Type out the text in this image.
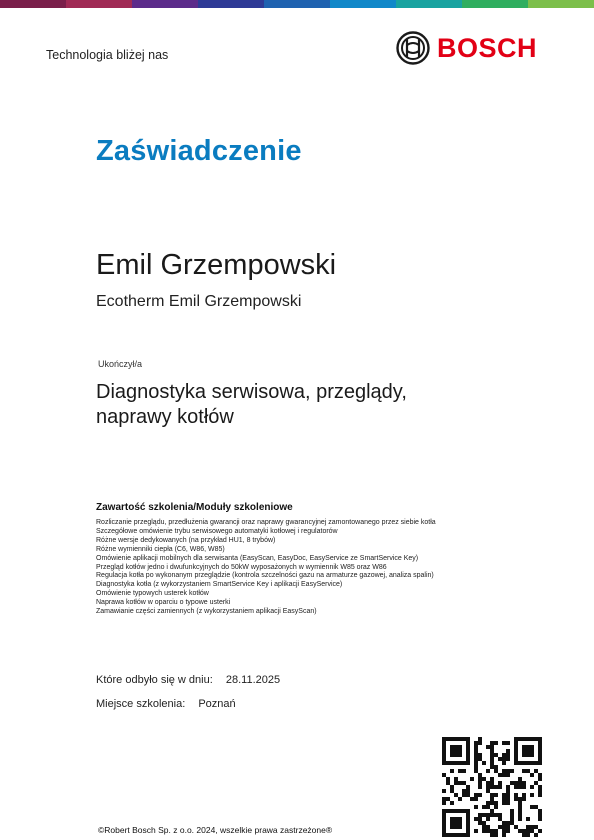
Technologia bliżej nas	BOSCH
Zaświadczenie
Emil Grzempowski
Ecotherm Emil Grzempowski
Ukończył/a
Diagnostyka serwisowa, przeglądy,
naprawy kotłów
Zawartość szkolenia/Moduły szkoleniowe
Rozliczanie przeglądu, przedłużenia gwarancji oraz naprawy gwarancyjnej zamontowanego przez siebie kotła
Szczegółowe omówienie trybu serwisowego automatyki kotłowej i regulatorów
Różne wersje dedykowanych (na przykład HU1, 8 trybów)
Różne wymienniki ciepła (C6, W86, W85)
Omówienie aplikacji mobilnych dla serwisanta (EasyScan, EasyDoc, EasyService ze SmartService Key)
Przegląd kotłów jedno i dwufunkcyjnych do 50kW wyposażonych w wymiennik W85 oraz W86
Regulacja kotła po wykonanym przeglądzie (kontrola szczelności gazu na armaturze gazowej, analiza spalin)
Diagnostyka kotła (z wykorzystaniem SmartService Key i aplikacji EasyService)
Omówienie typowych usterek kotłów
Naprawa kotłów w oparciu o typowe usterki
Zamawianie części zamiennych (z wykorzystaniem aplikacji EasyScan)
Które odbyło się w dniu: 28.11.2025
Miejsce szkolenia: Poznań
©Robert Bosch Sp. z o.o. 2024, wszelkie prawa zastrzeżone®
